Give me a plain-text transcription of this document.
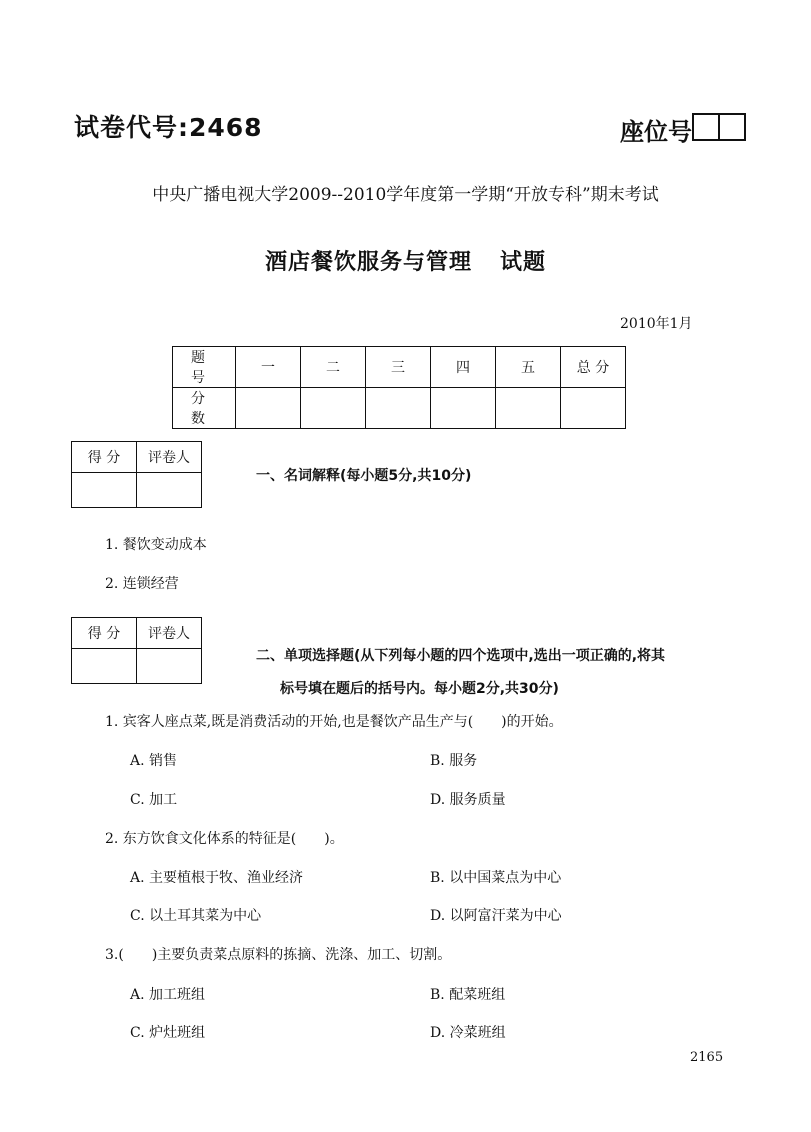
试卷代号:2468	座位号
中央广播电视大学2009--2010学年度第一学期“开放专科”期末考试
酒店餐饮服务与管理 试题
2010年1月
题 号	一	二	三	四	五	总 分
分 数						
得 分	评卷人

一、名词解释(每小题5分,共10分)
1. 餐饮变动成本
2. 连锁经营
得 分	评卷人

二、单项选择题(从下列每小题的四个选项中,选出一项正确的,将其
标号填在题后的括号内。每小题2分,共30分)
1. 宾客人座点菜,既是消费活动的开始,也是餐饮产品生产与(　　)的开始。
A. 销售	B. 服务
C. 加工	D. 服务质量
2. 东方饮食文化体系的特征是(　　)。
A. 主要植根于牧、渔业经济	B. 以中国菜点为中心
C. 以土耳其菜为中心	D. 以阿富汗菜为中心
3.(　　)主要负责菜点原料的拣摘、洗涤、加工、切割。
A. 加工班组	B. 配菜班组
C. 炉灶班组	D. 冷菜班组
2165
